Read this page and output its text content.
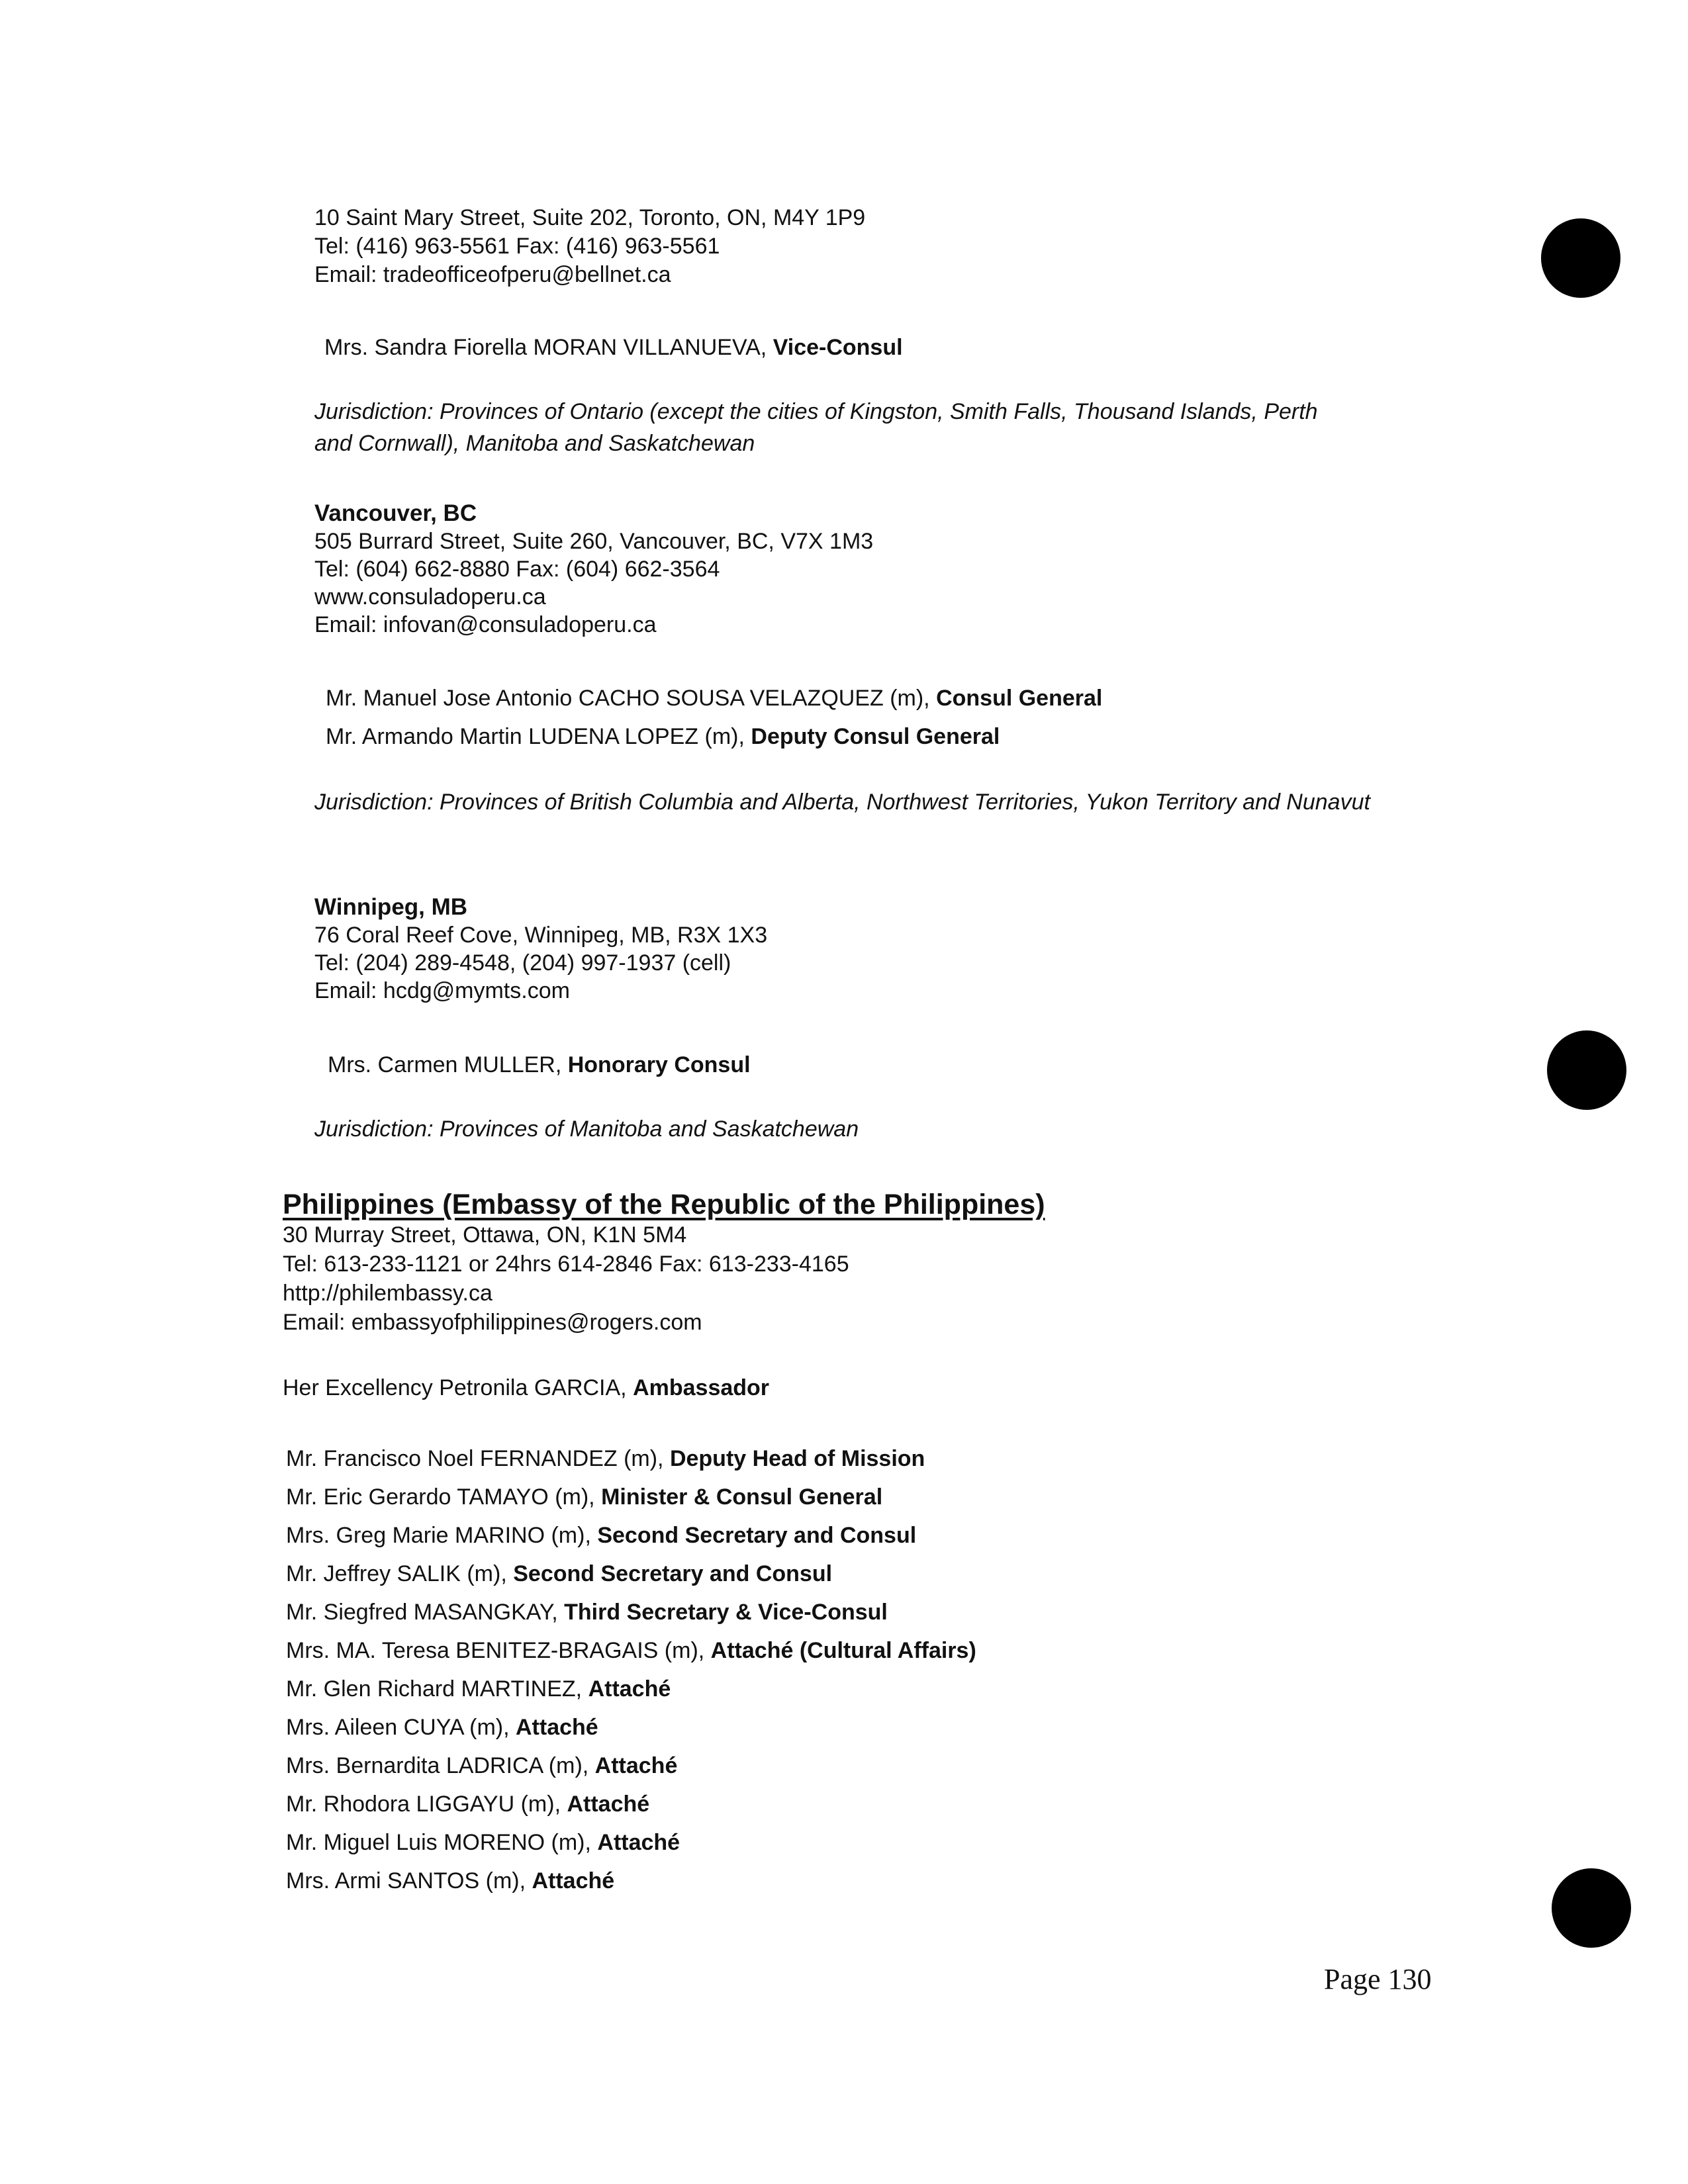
10 Saint Mary Street, Suite 202, Toronto, ON, M4Y 1P9
Tel: (416) 963-5561 Fax: (416) 963-5561
Email: tradeofficeofperu@bellnet.ca
Mrs. Sandra Fiorella MORAN VILLANUEVA, Vice-Consul
Jurisdiction: Provinces of Ontario (except the cities of Kingston, Smith Falls, Thousand Islands, Perth and Cornwall), Manitoba and Saskatchewan
Vancouver, BC
505 Burrard Street, Suite 260, Vancouver, BC, V7X 1M3
Tel: (604) 662-8880 Fax: (604) 662-3564
www.consuladoperu.ca
Email: infovan@consuladoperu.ca
Mr. Manuel Jose Antonio CACHO SOUSA VELAZQUEZ (m), Consul General
Mr. Armando Martin LUDENA LOPEZ (m), Deputy Consul General
Jurisdiction: Provinces of British Columbia and Alberta, Northwest Territories, Yukon Territory and Nunavut
Winnipeg, MB
76 Coral Reef Cove, Winnipeg, MB, R3X 1X3
Tel: (204) 289-4548, (204) 997-1937 (cell)
Email: hcdg@mymts.com
Mrs. Carmen MULLER, Honorary Consul
Jurisdiction: Provinces of Manitoba and Saskatchewan
Philippines (Embassy of the Republic of the Philippines)
30 Murray Street, Ottawa, ON, K1N 5M4
Tel: 613-233-1121 or 24hrs 614-2846 Fax: 613-233-4165
http://philembassy.ca
Email: embassyofphilippines@rogers.com
Her Excellency Petronila GARCIA, Ambassador
Mr. Francisco Noel FERNANDEZ (m), Deputy Head of Mission
Mr. Eric Gerardo TAMAYO (m), Minister & Consul General
Mrs. Greg Marie MARINO (m), Second Secretary and Consul
Mr. Jeffrey SALIK (m), Second Secretary and Consul
Mr. Siegfred MASANGKAY, Third Secretary & Vice-Consul
Mrs. MA. Teresa BENITEZ-BRAGAIS (m), Attaché (Cultural Affairs)
Mr. Glen Richard MARTINEZ, Attaché
Mrs. Aileen CUYA (m), Attaché
Mrs. Bernardita LADRICA (m), Attaché
Mr. Rhodora LIGGAYU (m), Attaché
Mr. Miguel Luis MORENO (m), Attaché
Mrs. Armi SANTOS (m), Attaché
Page 130
